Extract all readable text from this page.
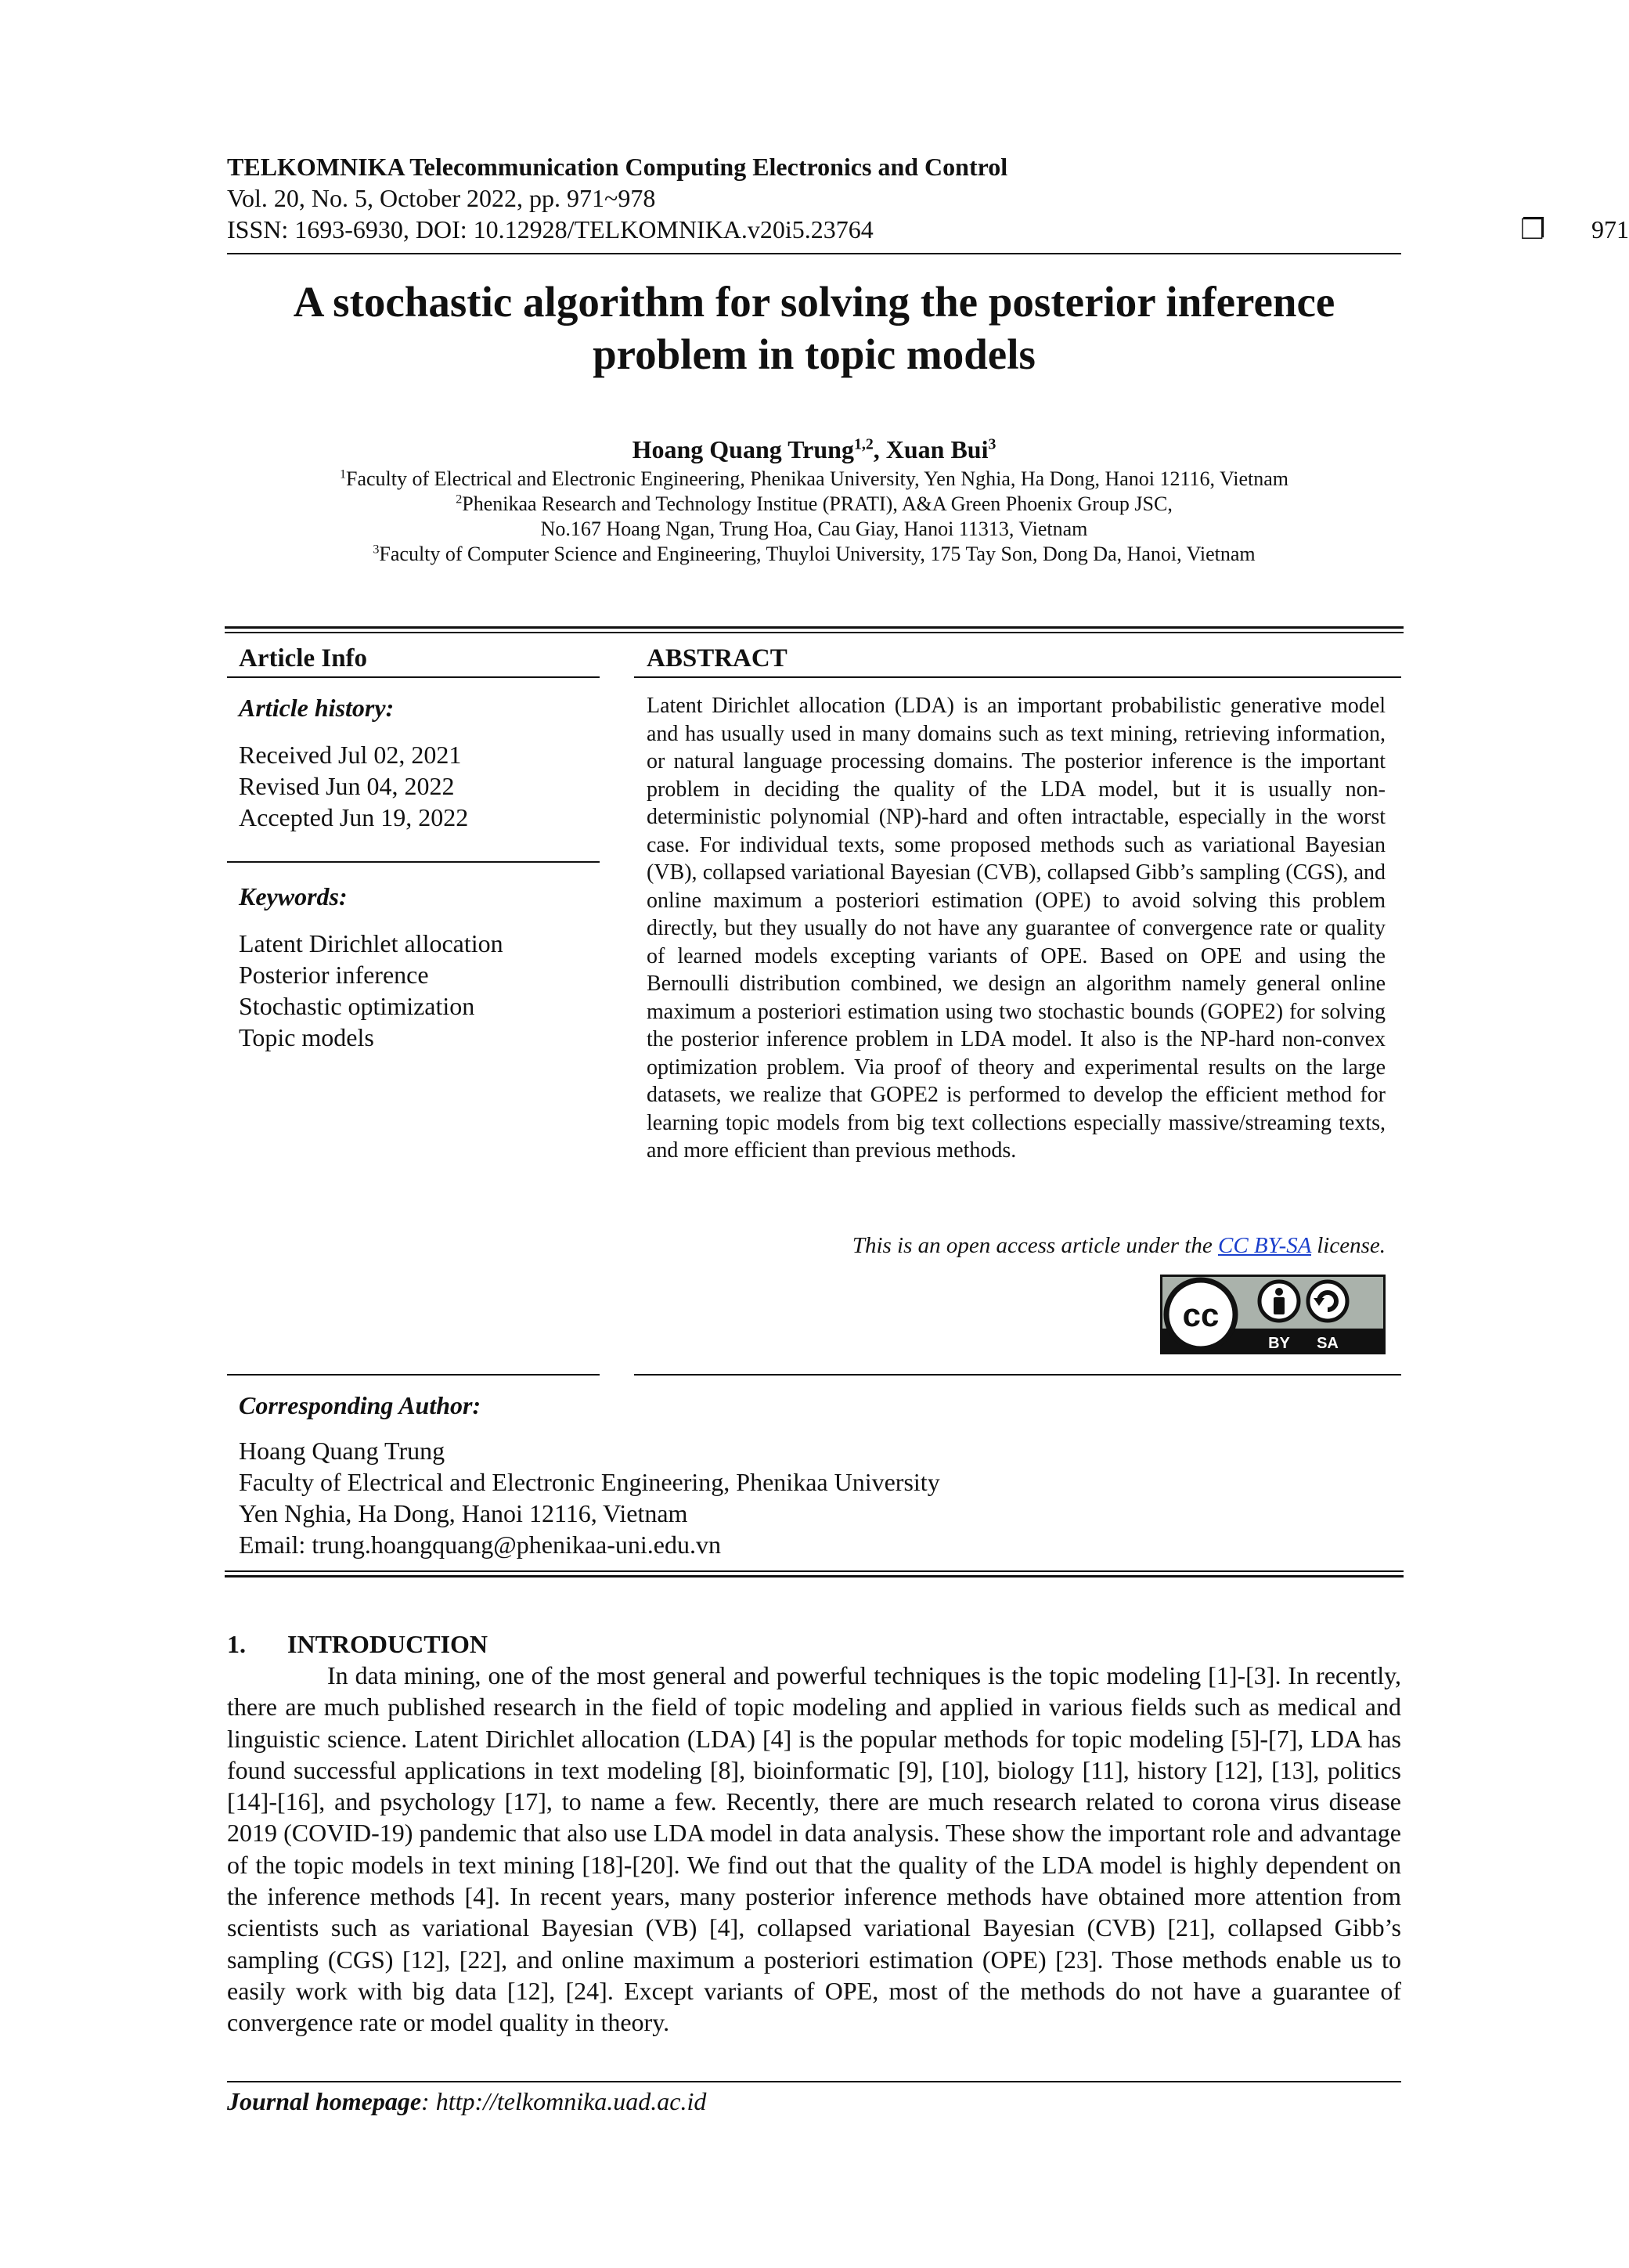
TELKOMNIKA Telecommunication Computing Electronics and Control
Vol. 20, No. 5, October 2022, pp. 971~978
ISSN: 1693-6930, DOI: 10.12928/TELKOMNIKA.v20i5.23764	❐ 971
A stochastic algorithm for solving the posterior inference
problem in topic models
Hoang Quang Trung$^{1,2}$, Xuan Bui$^3$
$^1$Faculty of Electrical and Electronic Engineering, Phenikaa University, Yen Nghia, Ha Dong, Hanoi 12116, Vietnam
$^2$Phenikaa Research and Technology Institue (PRATI), A&A Green Phoenix Group JSC,
No.167 Hoang Ngan, Trung Hoa, Cau Giay, Hanoi 11313, Vietnam
$^3$Faculty of Computer Science and Engineering, Thuyloi University, 175 Tay Son, Dong Da, Hanoi, Vietnam
Article Info
Article history:
Received Jul 02, 2021
Revised Jun 04, 2022
Accepted Jun 19, 2022
Keywords:
Latent Dirichlet allocation
Posterior inference
Stochastic optimization
Topic models
ABSTRACT
Latent Dirichlet allocation (LDA) is an important probabilistic generative model and has usually used in many domains such as text mining, retrieving information, or natural language processing domains. The posterior inference is the important problem in deciding the quality of the LDA model, but it is usually non-deterministic polynomial (NP)-hard and often intractable, especially in the worst case. For individual texts, some proposed methods such as variational Bayesian (VB), collapsed variational Bayesian (CVB), collapsed Gibb’s sampling (CGS), and online maximum a posteriori estimation (OPE) to avoid solving this problem directly, but they usually do not have any guarantee of convergence rate or quality of learned models excepting variants of OPE. Based on OPE and using the Bernoulli distribution combined, we design an algorithm namely general online maximum a posteriori estimation using two stochastic bounds (GOPE2) for solving the posterior inference problem in LDA model. It also is the NP-hard non-convex optimization problem. Via proof of theory and experimental results on the large datasets, we realize that GOPE2 is performed to develop the efficient method for learning topic models from big text collections especially massive/streaming texts, and more efficient than previous methods.
This is an open access article under the CC BY-SA license.
cc
BY SA
Corresponding Author:
Hoang Quang Trung
Faculty of Electrical and Electronic Engineering, Phenikaa University
Yen Nghia, Ha Dong, Hanoi 12116, Vietnam
Email: trung.hoangquang@phenikaa-uni.edu.vn
1. INTRODUCTION
In data mining, one of the most general and powerful techniques is the topic modeling [1]-[3]. In recently, there are much published research in the field of topic modeling and applied in various fields such as medical and linguistic science. Latent Dirichlet allocation (LDA) [4] is the popular methods for topic modeling [5]-[7], LDA has found successful applications in text modeling [8], bioinformatic [9], [10], biology [11], history [12], [13], politics [14]-[16], and psychology [17], to name a few. Recently, there are much research related to corona virus disease 2019 (COVID-19) pandemic that also use LDA model in data analysis. These show the important role and advantage of the topic models in text mining [18]-[20]. We find out that the quality of the LDA model is highly dependent on the inference methods [4]. In recent years, many posterior inference methods have obtained more attention from scientists such as variational Bayesian (VB) [4], collapsed variational Bayesian (CVB) [21], collapsed Gibb’s sampling (CGS) [12], [22], and online maximum a posteriori estimation (OPE) [23]. Those methods enable us to easily work with big data [12], [24]. Except variants of OPE, most of the methods do not have a guarantee of convergence rate or model quality in theory.
Journal homepage: http://telkomnika.uad.ac.id
